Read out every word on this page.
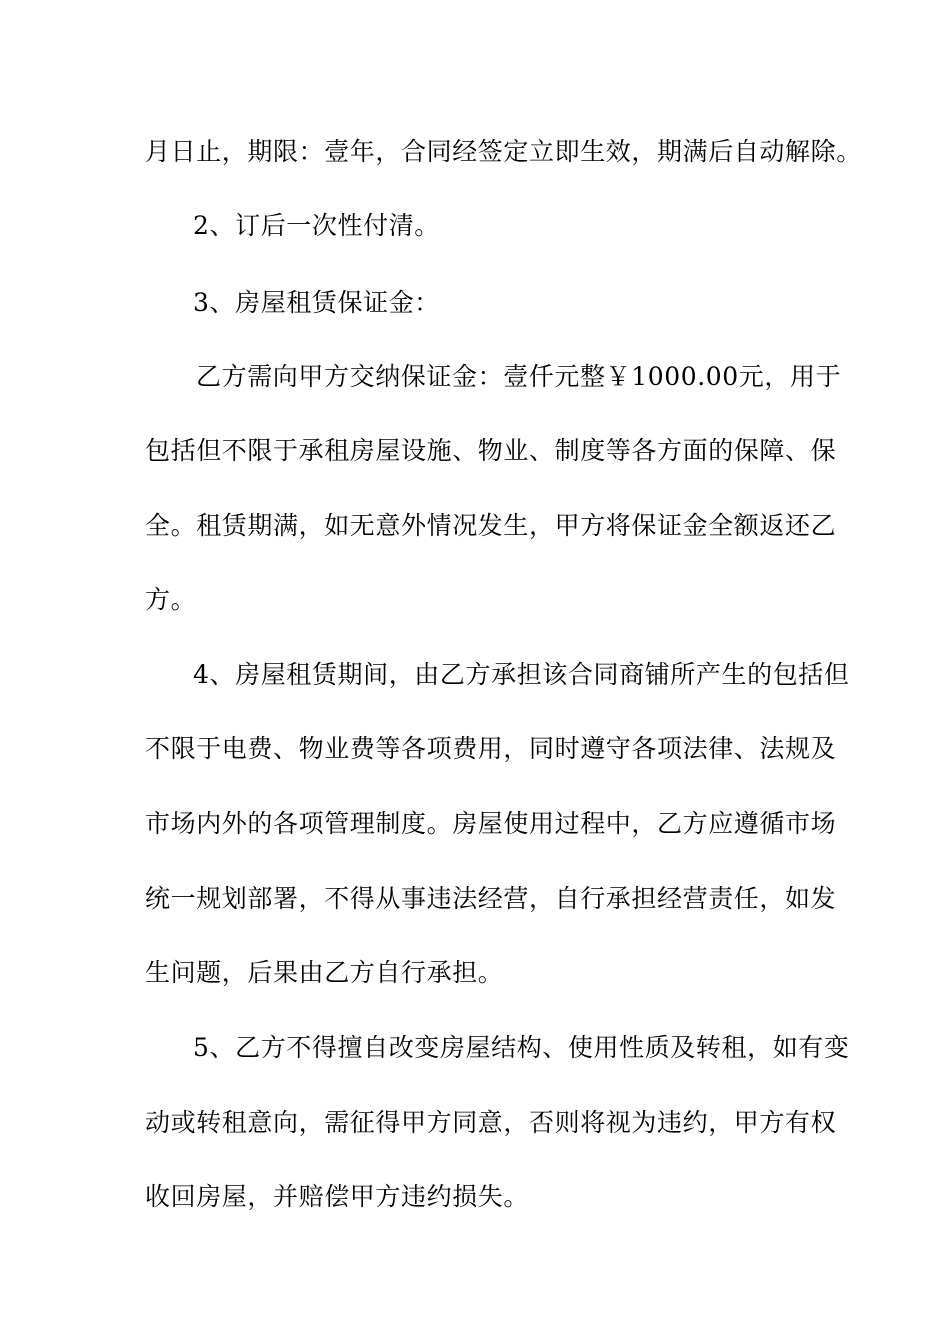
月日止，期限：壹年，合同经签定立即生效，期满后自动解除。
2、订后一次性付清。
3、房屋租赁保证金：
乙方需向甲方交纳保证金：壹仟元整￥1000.00元，用于
包括但不限于承租房屋设施、物业、制度等各方面的保障、保
全。租赁期满，如无意外情况发生，甲方将保证金全额返还乙
方。
4、房屋租赁期间，由乙方承担该合同商铺所产生的包括但
不限于电费、物业费等各项费用，同时遵守各项法律、法规及
市场内外的各项管理制度。房屋使用过程中，乙方应遵循市场
统一规划部署，不得从事违法经营，自行承担经营责任，如发
生问题，后果由乙方自行承担。
5、乙方不得擅自改变房屋结构、使用性质及转租，如有变
动或转租意向，需征得甲方同意，否则将视为违约，甲方有权
收回房屋，并赔偿甲方违约损失。
